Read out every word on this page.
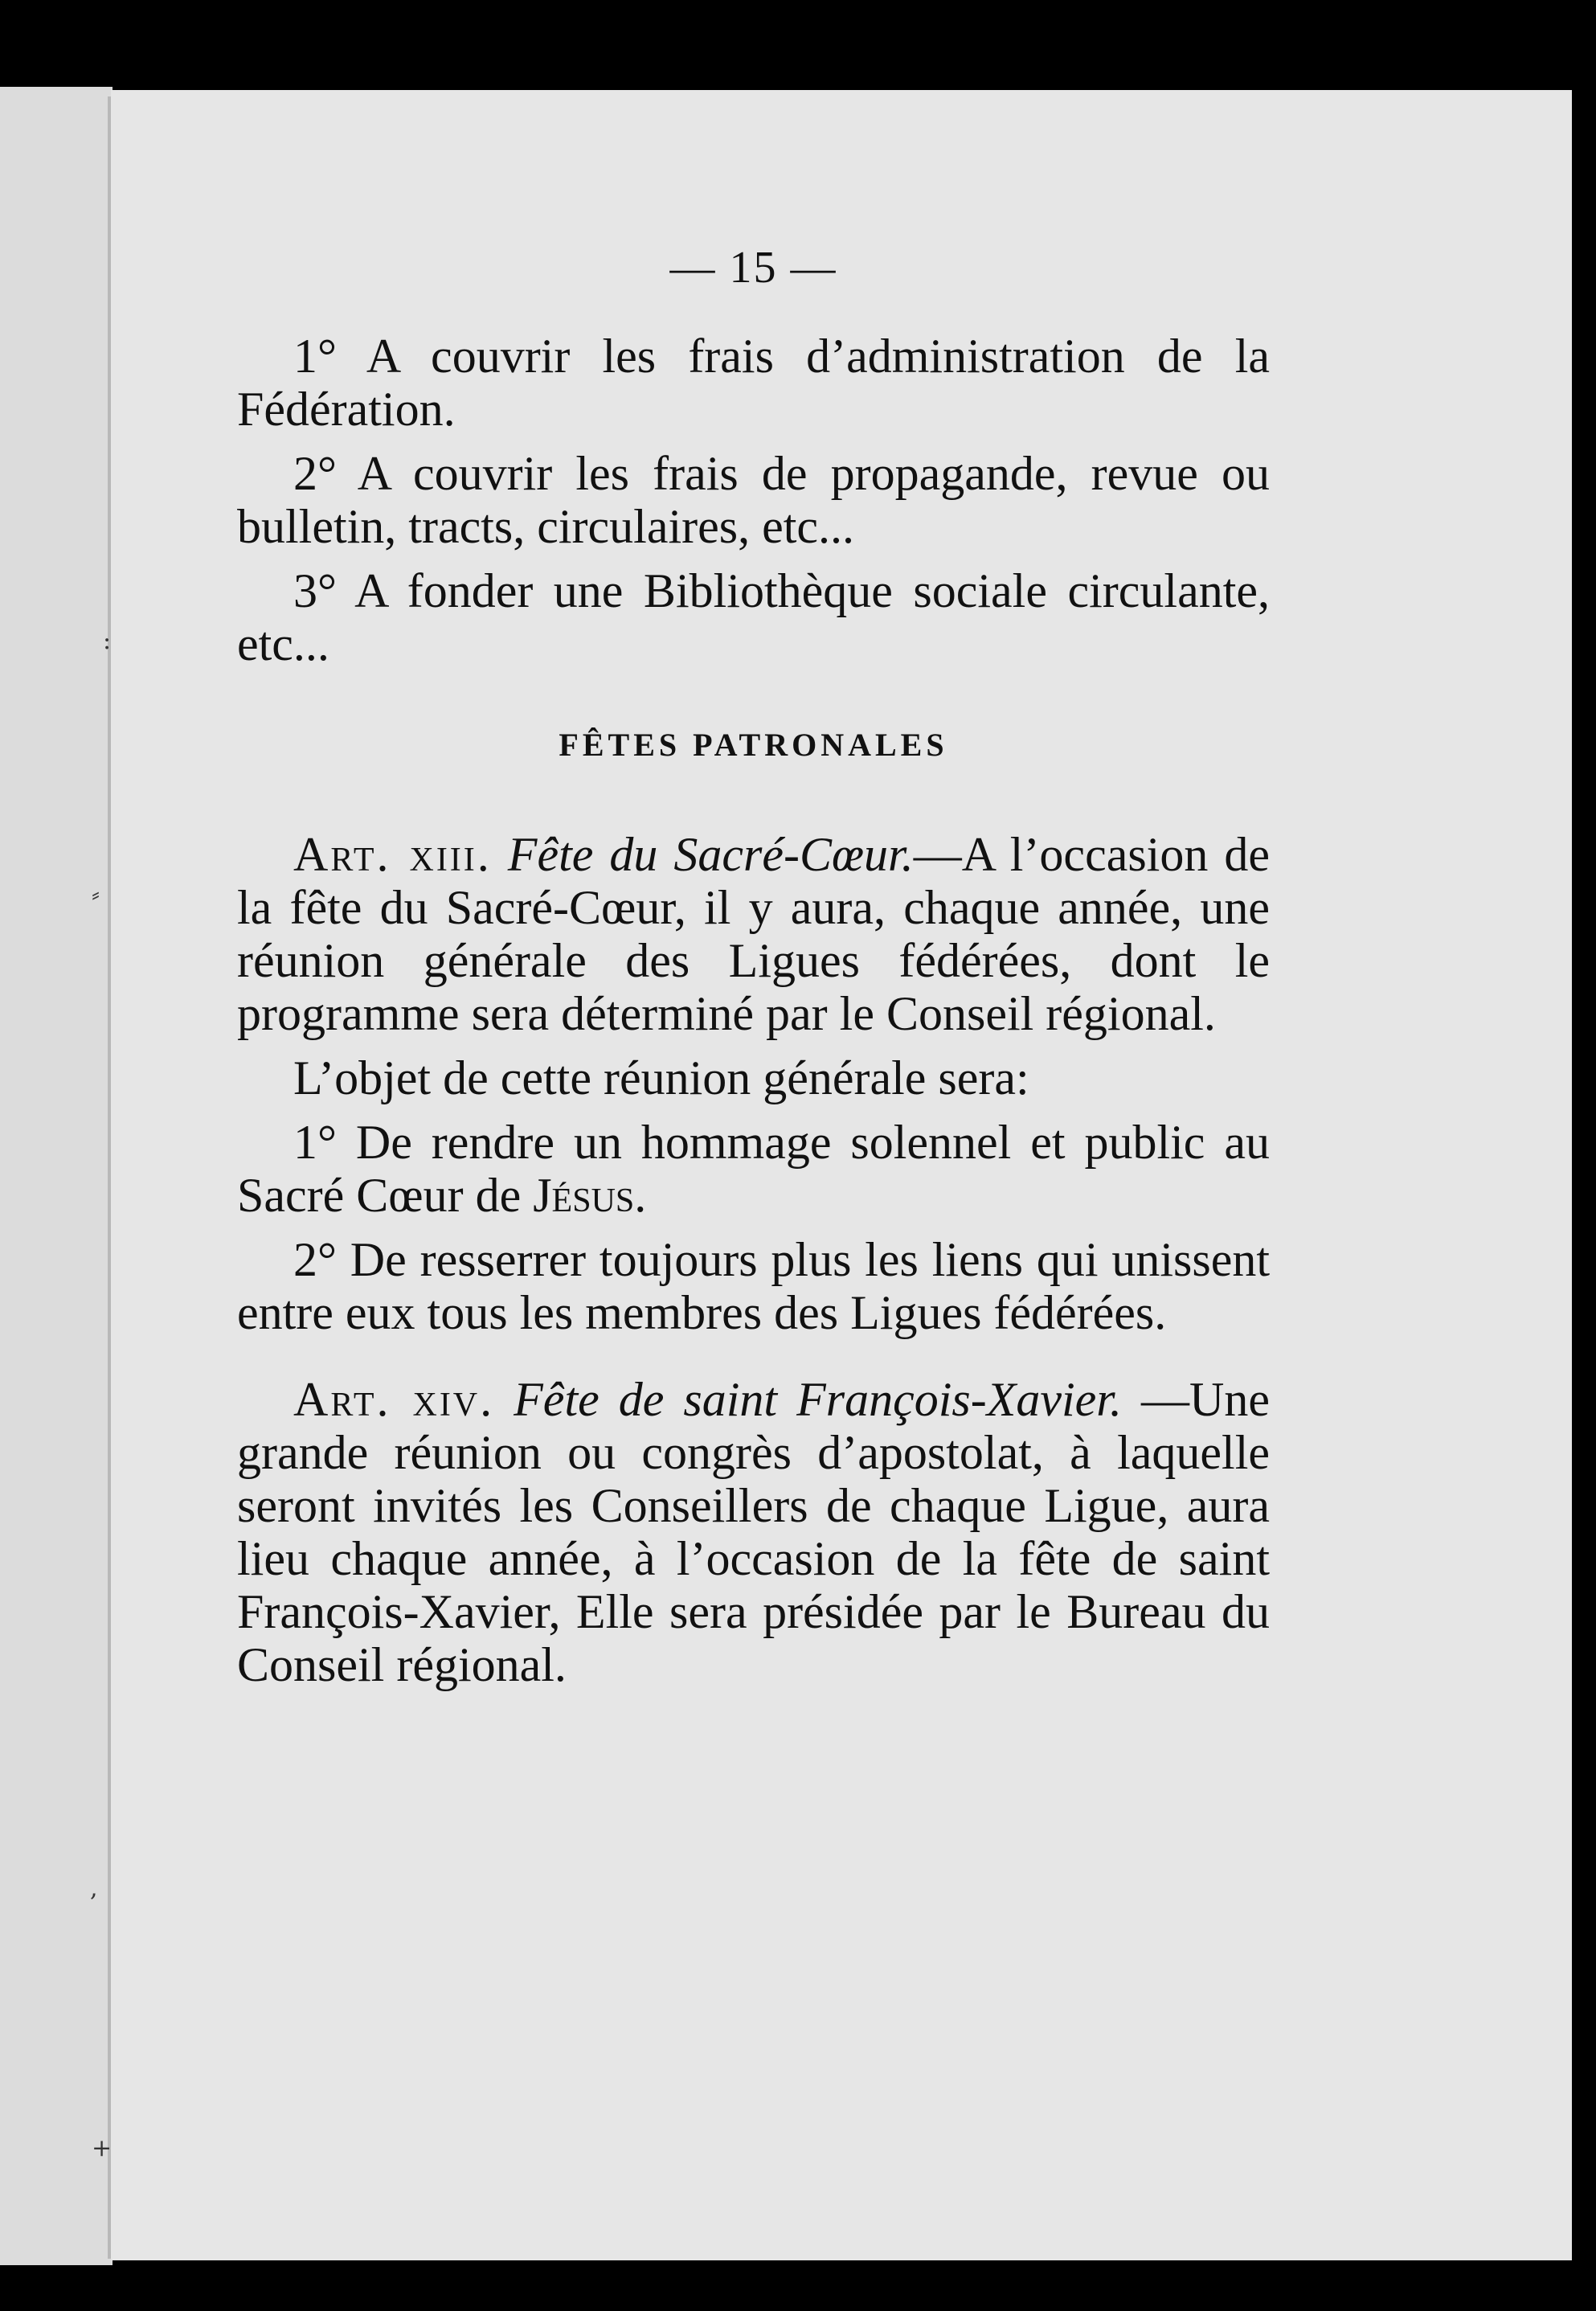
:
⸗
,
+
— 15 —

1° A couvrir les frais d’administration de la Fédération.

2° A couvrir les frais de propagande, revue ou bulletin, tracts, circulaires, etc...

3° A fonder une Bibliothèque sociale circulante, etc...

FÊTES PATRONALES

Art. xiii. Fête du Sacré-Cœur.—A l’occasion de la fête du Sacré-Cœur, il y aura, chaque année, une réunion générale des Ligues fédérées, dont le programme sera déterminé par le Conseil régional.

L’objet de cette réunion générale sera:

1° De rendre un hommage solennel et public au Sacré Cœur de Jésus.

2° De resserrer toujours plus les liens qui unissent entre eux tous les membres des Ligues fédérées.

Art. xiv. Fête de saint François-Xavier. —Une grande réunion ou congrès d’apostolat, à laquelle seront invités les Conseillers de chaque Ligue, aura lieu chaque année, à l’occasion de la fête de saint François-Xavier, Elle sera présidée par le Bureau du Conseil régional.
